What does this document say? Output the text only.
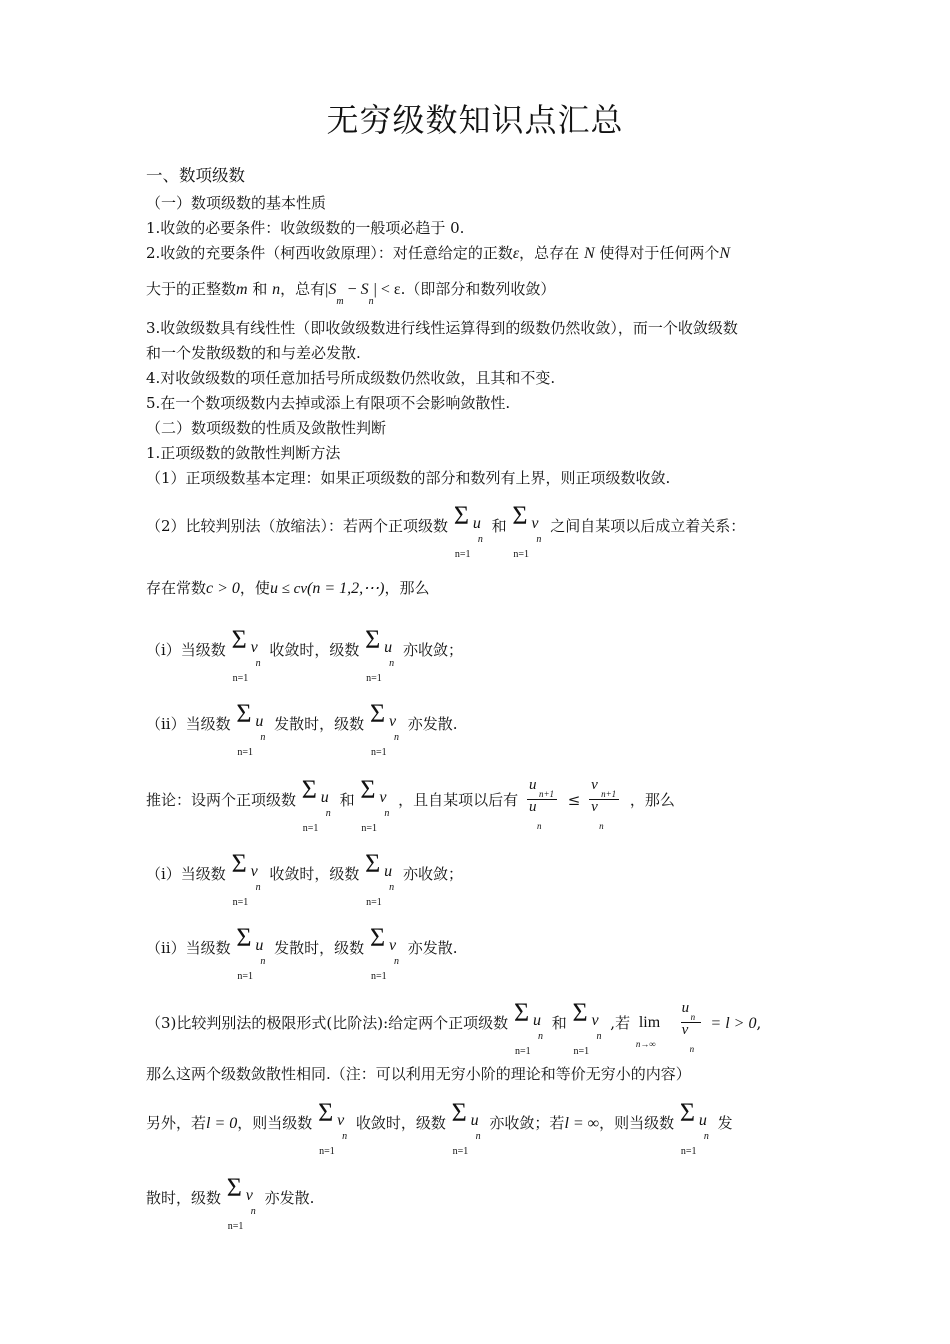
无穷级数知识点汇总
一、数项级数
（一）数项级数的基本性质
1.收敛的必要条件：收敛级数的一般项必趋于 0.
2.收敛的充要条件（柯西收敛原理）：对任意给定的正数ε，总存在 N 使得对于任何两个N
大于的正整数m 和 n，总有$|S_m - S_n| < \varepsilon$.（即部分和数列收敛）
3.收敛级数具有线性性（即收敛级数进行线性运算得到的级数仍然收敛），而一个收敛级数
和一个发散级数的和与差必发散.
4.对收敛级数的项任意加括号所成级数仍然收敛，且其和不变.
5.在一个数项级数内去掉或添上有限项不会影响敛散性.
（二）数项级数的性质及敛散性判断
1.正项级数的敛散性判断方法
（1）正项级数基本定理：如果正项级数的部分和数列有上界，则正项级数收敛.
（2）比较判别法（放缩法）：若两个正项级数 Σ u
n
n=1
和 Σ v
n
n=1
之间自某项以后成立着关系：
存在常数c > 0，使u ≤ cv(n = 1,2,⋯)，那么
（i）当级数 Σ v
n
n=1
收敛时，级数 Σ u
n
n=1
亦收敛；
（ii）当级数 Σ u
n
n=1
发散时，级数 Σ v
n
n=1
亦发散.
推论：设两个正项级数 Σ u
n
n=1
和 Σ v
n
n=1
，且自某项以后有
u
n+1
u
n
≤
v
n+1
v
n
，那么
（i）当级数 Σ v
n
n=1
收敛时，级数 Σ u
n
n=1
亦收敛；
（ii）当级数 Σ u
n
n=1
发散时，级数 Σ v
n
n=1
亦发散.
（3)比较判别法的极限形式(比阶法):给定两个正项级数 Σ u
n
n=1
和 Σ v
n
n=1
,若 lim
n→∞

u
n
v
n
= l > 0,
那么这两个级数敛散性相同.（注：可以利用无穷小阶的理论和等价无穷小的内容）
另外，若l = 0，则当级数 Σ v
n
n=1
收敛时，级数 Σ u
n
n=1
亦收敛；若l = ∞，则当级数 Σ u
n
n=1
发
散时，级数 Σ v
n
n=1
亦发散.
